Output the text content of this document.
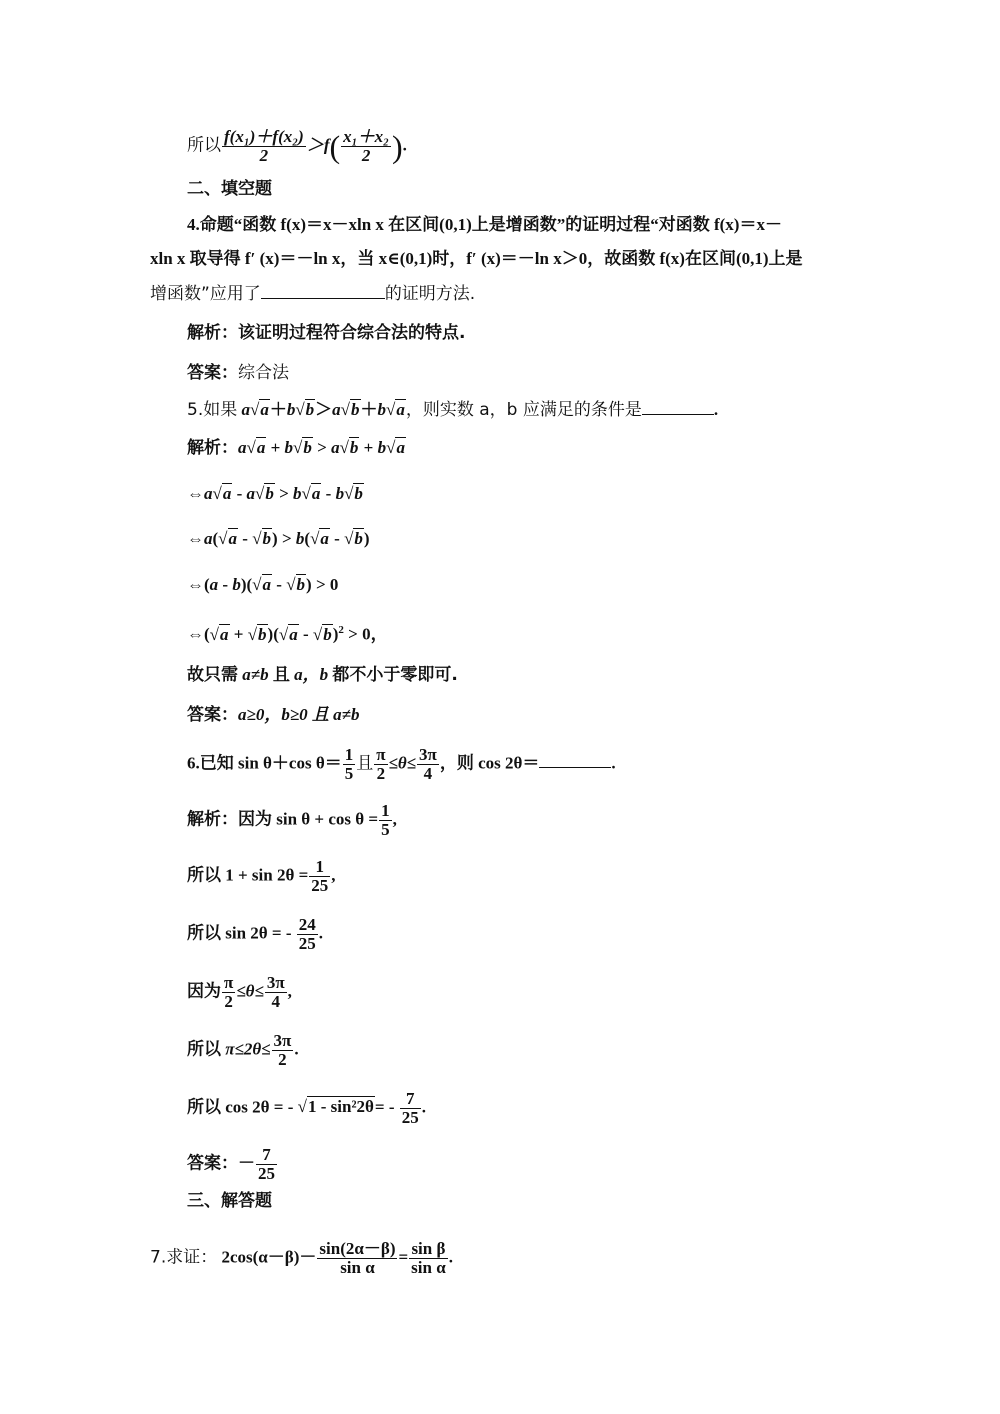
所以 $\frac{\text{f(x₁)＋f(x₂)}}{2} >f( \frac{\text{x₁＋x₂}}{2}$ ).
二、填空题
4.命题“函数 f(x)＝x－xln x 在区间(0,1)上是增函数”的证明过程“对函数 f(x)＝x－
xln x 取导得 f′ (x)＝－ln x，当 x∈(0,1)时，f′ (x)＝－ln x＞0，故函数 f(x)在区间(0,1)上是
增函数”应用了	的证明方法.
解析：该证明过程符合综合法的特点.
答案：综合法
5.如果 a√a＋b√b＞a√b＋b√a，则实数 a，b 应满足的条件是	.
解析：a√a + b√b > a√b + b√a
⇔a√a - a√b > b√a - b√b
⇔a(√a - √b) > b(√a - √b)
⇔(a - b)(√a - √b) > 0
⇔(√a + √b)(√a - √b)$^2$ > 0，
故只需 a≠b 且 a，b 都不小于零即可.
答案：a≥0，b≥0 且 a≠b
6.已知 sin θ＋cos $\theta= \frac{1}{5}$ 且 $\frac{\pi}{2} \le\theta\le \frac{3\pi}{4}$ ，则 cos 2θ＝	.
解析：因为 $\sin \theta + \cos \theta = \frac{1}{5}$ ,
所以 $1 + \sin 2\theta = \frac{1}{25}$ ,
所以 sin 2θ = - $\frac{24}{25}$ .
因为 $\frac{\pi}{2} \le\theta\le \frac{3\pi}{4}$ ,
所以 $\pi\le 2\theta\le \frac{3\pi}{2}$ .
所以 cos 2θ = - $√1 - \sin^22\theta= - \frac{7}{25}$ .
答案：－ $\frac{7}{25}$
三、解答题
7.求证： $2\cos(\alpha-\beta)- \frac{\sin(2\alpha-\beta)}{\text{sin α}} = \frac{\text{sin β}}{\text{sin α}}$ .
